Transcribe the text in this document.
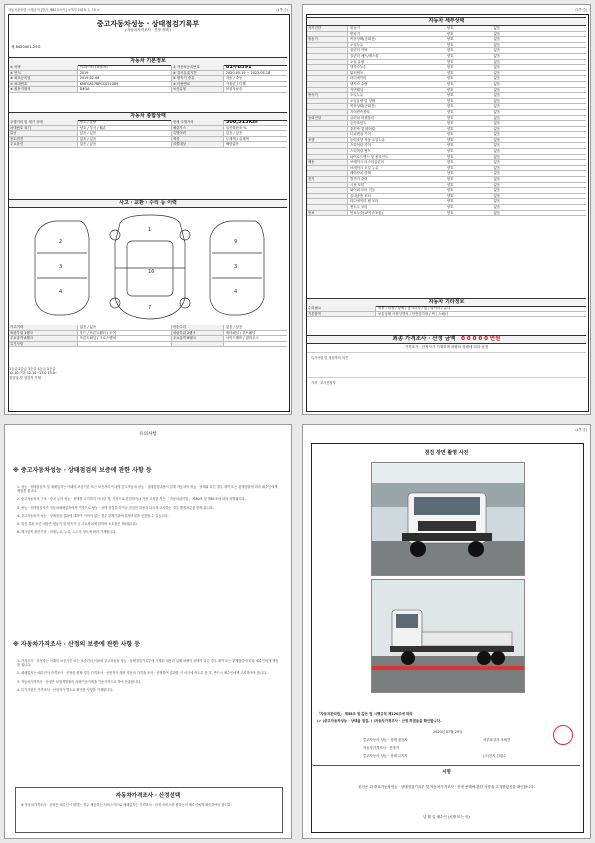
자동차관리법 시행규칙 [별지 제82호서식] <개정 2019. 1. 15.>	(1쪽 중)
중고자동차성능 · 상태점검기록부
( 자동차가격조사 · 산정 선택 )
제 8420001-29호
자동차 기본정보
① 차명	이-마이티 (화물차)	② 자동차등록번호	81부8591
③ 연식	2019	④ 검사유효기간	2020-05-19 ~ 2022-05-18
⑤ 최초등록일	2019-02-08	⑥ 변속기 종류	자동 / 수동
⑦ 차대번호	KMFGA17BPCC021089	⑧ 사용연료	가솔린 / 디젤
⑨ 원동기형식	D4GA	보증유형	보험사보증
자동차 종합상태
주행거리 및 계기 상태	양호 / 불량	현재 주행거리	300,513Km
차대번호 표기	양호 / 부식 / 훼손	배출가스	일산화탄소 %
튜닝	없음 / 있음	특별이력	없음 / 있음
용도변경	없음 / 있음	색상	무채색 / 유채색
주요옵션	없음 / 있음	리콜대상	해당없음
사고 · 교환 · 수리 등 이력
2
3
4
1
16
7
9
3
4
사고이력	없음 / 있음	단순수리	없음 / 있음
외판부위 1랭크	후드 / 프론트휀더 / 도어	외판부위 2랭크	쿼터패널 / 루프패널
주요골격 A랭크	프론트패널 / 크로스멤버	주요골격 B랭크	사이드멤버 / 휠하우스
특기사항
1등급 2등급 3등급 4등급 5등급
12.10 이하 12.10~13.0 13.0~
점검일 및 점검자 기재
(2쪽 중)
자동차 세부상태
자기진단	원동기	양호	없음
변속기	양호	없음
원동기	작동상태(공회전)	양호	없음
오일누유	양호	없음
실린더 커버	양호	없음
실린더 헤드/개스킷	양호	없음
오일 유량	양호	없음
냉각수누수	양호	없음
워터펌프	양호	없음
라디에이터	양호	없음
냉각수 수량	양호	없음
커먼레일	양호	없음
변속기	오일누유	양호	없음
오일유량 및 상태	양호	없음
작동상태(공회전)	양호	없음
기어변속장치	양호	없음
동력전달	클러치 어셈블리	양호	없음
등속조인트	양호	없음
추진축 및 베어링	양호	없음
디피렌셜 기어	양호	없음
조향	동력조향 작동 오일누유	양호	없음
스티어링 기어	양호	없음
스티어링 펌프	양호	없음
타이로드엔드 및 볼조인트	양호	없음
제동	브레이크 마스터실린더	양호	없음
브레이크 오일 누유	양호	없음
배력장치 상태	양호	없음
전기	발전기 출력	양호	없음
시동 모터	양호	없음
와이퍼 모터 기능	양호	없음
실내송풍 모터	양호	없음
라디에이터 팬 모터	양호	없음
윈도우 모터	양호	없음
연료	연료누출(LP가스포함)	양호	없음
자동차 기타정보
수리필요	외장 / 내장 / 광택 / 룸크리닝 / 휠 / 타이어 / 유리
기본품목	보유상태 사용설명서 / 안전삼각대 / 잭 / 스패너
최종 가격조사 · 산정 금액 0 0 0 0 0 만원
가격조사 · 산정자가 기재하며 차량의 상태에 따라 산정
특기사항 및 점검자의 의견
가격 · 조사산정자
유의사항
※ 중고자동차성능 · 상태점검의 보증에 관한 사항 등
1. 성능 · 상태점검자 및 매매업자는 아래의 보증기간 또는 보증거리 이내에 중고자동차 성능 · 상태점검내용이 실제 자동차의 성능 · 상태와 다른 경우 계약 또는 관계법령에 따라 매수인에게 책임을 집니다.
2. 중고자동차의 구조 · 장치 등의 성능 · 상태를 고지하지 아니한 자, 거짓으로 점검하거나 거짓 고지한 자는 「자동차관리법」 제80조 및 제81조에 따라 처벌됩니다.
3. 성능 · 상태점검자가 자동차매매업자에게 거짓으로 성능 · 상태 점검을 하거나 점검한 내용과 다르게 고지하는 경우 행정처분을 받게 됩니다.
4. 중고자동차의 성능 · 상태점검 결과에 대하여 이의가 있는 경우 관계기관에 분쟁조정을 신청할 수 있습니다.
5. 점검 결과 보증 대상은 원동기 및 변속기 등 주요장치에 한하며 소모품은 제외됩니다.
6. 체크항목 판단기준 : 미세누유, 누유, 누수의 정도에 따라 기재합니다.
※ 자동차가격조사 · 산정의 보증에 관한 사항 등
1. 가격조사 · 산정자는 아래의 보증기간 또는 보증거리 이내에 중고자동차 성능 · 상태점검기록부에 기재된 내용과 실제 차량의 상태가 다른 경우 계약 또는 관계법령에 따라 매수인에게 책임을 집니다.
2. 매매업자는 매수인이 가격조사 · 산정을 원할 경우 가격조사 · 산정자가 해당 자동차 가격을 조사 · 산정하여 결과를 이 서식에 적도록 한 후, 반드시 매수인에게 고지하여야 합니다.
3. 자동차가격조사 · 산정은 보험개발원의 차량기준가액을 기준가격으로 하여 산출합니다.
4. 특기사항은 가격조사 · 산정자가 별도로 확인한 사항을 기재합니다.
자동차가격조사 · 산정선택
※ 자동차가격조사 · 산정은 매수인이 원하는 경우 제공하는 서비스이므로 매매업자는 가격조사 · 산정 서비스를 원하는지 매수인에게 확인하여야 합니다.
(4쪽 중)
점검 장면 촬영 사진
「자동차관리법」 제58조 및 같은 법 시행규칙 제120조에 따라
(✔ )중고자동차성능 · 상태를 점검, ( )자동차가격조사 · 산정 하였음을 확인합니다.
2020년 07월 29일
중고자동차 성능 · 상태 점검자	서부화강자 조세현
자동차가격조사 · 산정자
중고자동차 성능 · 상태 고지자	(주)진지 김광수
서명
본인은 위 중고자동차성능 · 상태점검기록부 및 자동차가격조사 · 산정 선택에 관한 사항을 고지받았음을 확인합니다.
년 월 일 매수인 (서명 또는 인)
